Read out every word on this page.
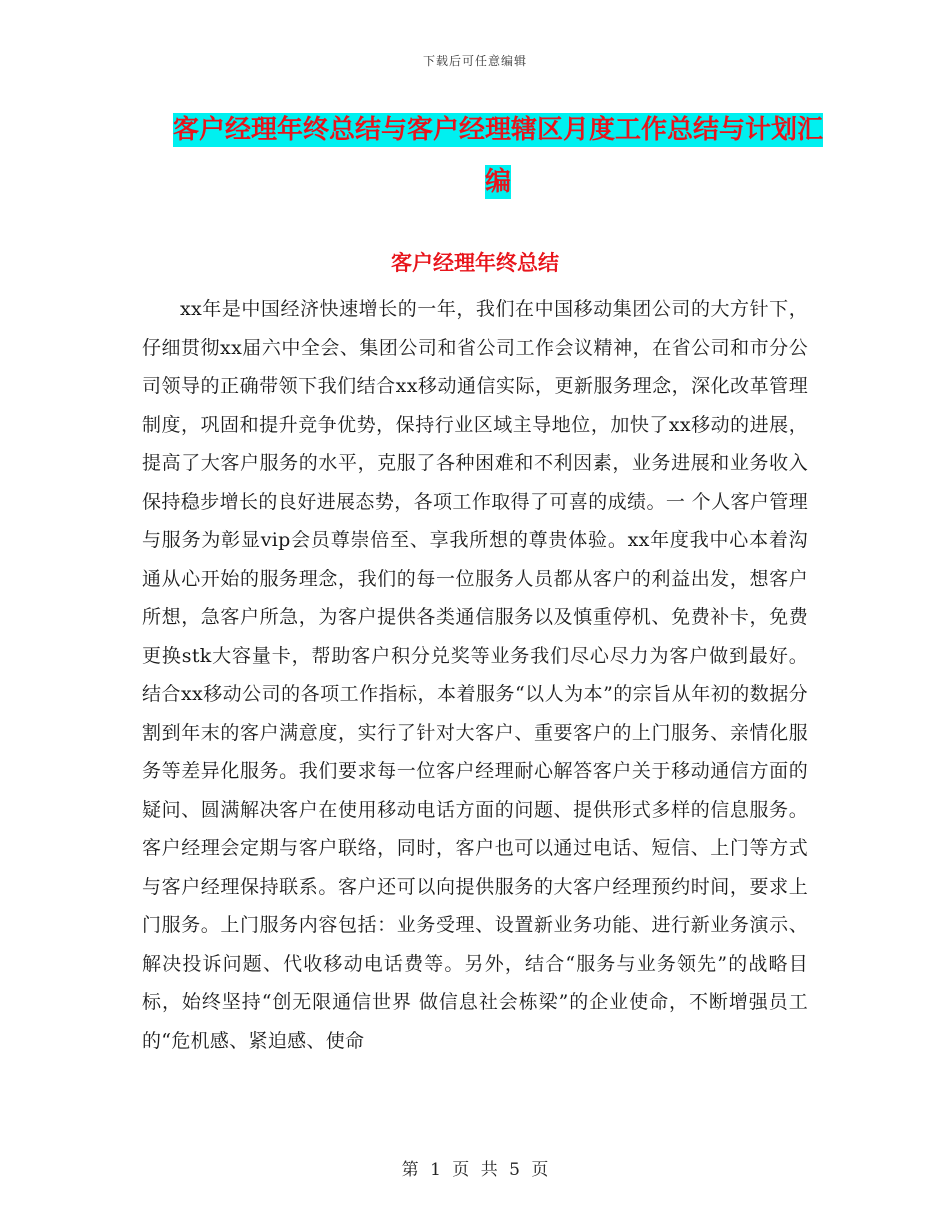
下载后可任意编辑
客户经理年终总结与客户经理辖区月度工作总结与计划汇编
客户经理年终总结

xx年是中国经济快速增长的一年，我们在中国移动集团公司的大方针下，仔细贯彻xx届六中全会、集团公司和省公司工作会议精神，在省公司和市分公司领导的正确带领下我们结合xx移动通信实际，更新服务理念，深化改革管理制度，巩固和提升竞争优势，保持行业区域主导地位，加快了xx移动的进展，提高了大客户服务的水平，克服了各种困难和不利因素，业务进展和业务收入保持稳步增长的良好进展态势，各项工作取得了可喜的成绩。一 个人客户管理与服务为彰显vip会员尊崇倍至、享我所想的尊贵体验。xx年度我中心本着沟通从心开始的服务理念，我们的每一位服务人员都从客户的利益出发，想客户所想，急客户所急，为客户提供各类通信服务以及慎重停机、免费补卡，免费更换stk大容量卡，帮助客户积分兑奖等业务我们尽心尽力为客户做到最好。结合xx移动公司的各项工作指标，本着服务“以人为本”的宗旨从年初的数据分割到年末的客户满意度，实行了针对大客户、重要客户的上门服务、亲情化服务等差异化服务。我们要求每一位客户经理耐心解答客户关于移动通信方面的疑问、圆满解决客户在使用移动电话方面的问题、提供形式多样的信息服务。客户经理会定期与客户联络，同时，客户也可以通过电话、短信、上门等方式与客户经理保持联系。客户还可以向提供服务的大客户经理预约时间，要求上门服务。上门服务内容包括：业务受理、设置新业务功能、进行新业务演示、解决投诉问题、代收移动电话费等。另外，结合“服务与业务领先”的战略目标，始终坚持“创无限通信世界 做信息社会栋梁”的企业使命，不断增强员工的“危机感、紧迫感、使命

第 1 页 共 5 页
